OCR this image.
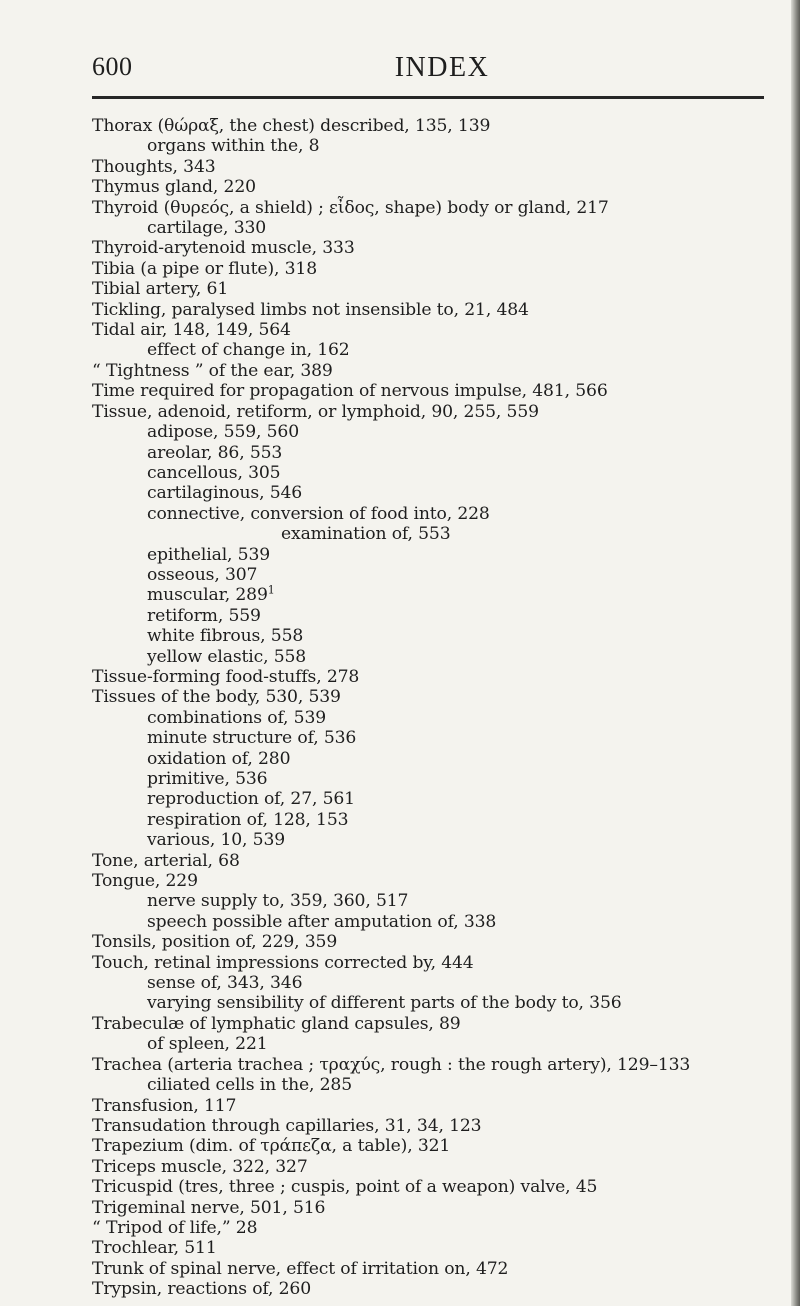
600	INDEX
Thorax (θώραξ, the chest) described, 135, 139
organs within the, 8
Thoughts, 343
Thymus gland, 220
Thyroid (θυρεός, a shield) ; εἶδος, shape) body or gland, 217
cartilage, 330
Thyroid-arytenoid muscle, 333
Tibia (a pipe or flute), 318
Tibial artery, 61
Tickling, paralysed limbs not insensible to, 21, 484
Tidal air, 148, 149, 564
effect of change in, 162
“ Tightness ” of the ear, 389
Time required for propagation of nervous impulse, 481, 566
Tissue, adenoid, retiform, or lymphoid, 90, 255, 559
adipose, 559, 560
areolar, 86, 553
cancellous, 305
cartilaginous, 546
connective, conversion of food into, 228
examination of, 553
epithelial, 539
osseous, 307
muscular, $289^1$
retiform, 559
white fibrous, 558
yellow elastic, 558
Tissue-forming food-stuffs, 278
Tissues of the body, 530, 539
combinations of, 539
minute structure of, 536
oxidation of, 280
primitive, 536
reproduction of, 27, 561
respiration of, 128, 153
various, 10, 539
Tone, arterial, 68
Tongue, 229
nerve supply to, 359, 360, 517
speech possible after amputation of, 338
Tonsils, position of, 229, 359
Touch, retinal impressions corrected by, 444
sense of, 343, 346
varying sensibility of different parts of the body to, 356
Trabeculæ of lymphatic gland capsules, 89
of spleen, 221
Trachea (arteria trachea ; τραχύς, rough : the rough artery), 129–133
ciliated cells in the, 285
Transfusion, 117
Transudation through capillaries, 31, 34, 123
Trapezium (dim. of τράπεζα, a table), 321
Triceps muscle, 322, 327
Tricuspid (tres, three ; cuspis, point of a weapon) valve, 45
Trigeminal nerve, 501, 516
“ Tripod of life,” 28
Trochlear, 511
Trunk of spinal nerve, effect of irritation on, 472
Trypsin, reactions of, 260
